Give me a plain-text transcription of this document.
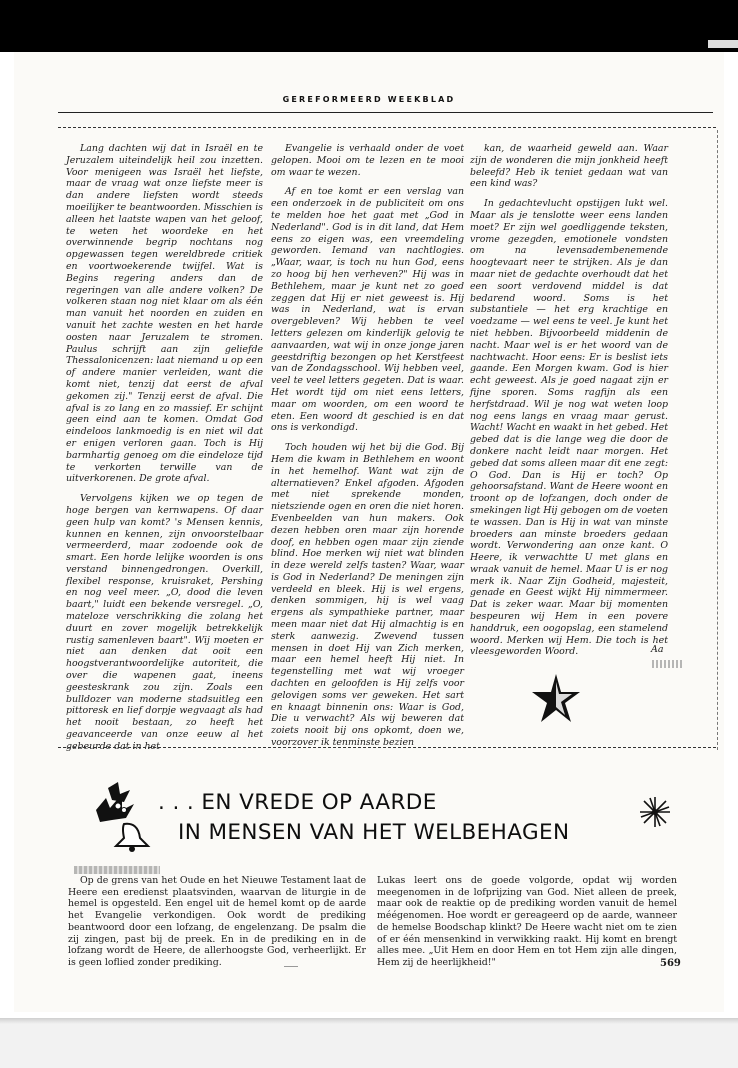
GEREFORMEERD WEEKBLAD

Lang dachten wij dat in Israël en te Jeruzalem uiteindelijk heil zou inzetten. Voor menigeen was Israël het liefste, maar de vraag wat onze liefste meer is dan andere liefsten wordt steeds moeilijker te beantwoorden. Misschien is alleen het laatste wapen van het geloof, te weten het woordeke en het overwinnende begrip nochtans nog opgewassen tegen wereldbrede critiek en voortwoekerende twijfel. Wat is Begins regering anders dan de regeringen van alle andere volken? De volkeren staan nog niet klaar om als één man vanuit het noorden en zuiden en vanuit het zachte westen en het harde oosten naar Jeruzalem te stromen. Paulus schrijft aan zijn geliefde Thessalonicenzen: laat niemand u op een of andere manier verleiden, want die komt niet, tenzij dat eerst de afval gekomen zij." Tenzij eerst de afval. Die afval is zo lang en zo massief. Er schijnt geen eind aan te komen. Omdat God eindeloos lankmoedig is en niet wil dat er enigen verloren gaan. Toch is Hij barmhartig genoeg om die eindeloze tijd te verkorten terwille van de uitverkorenen. De grote afval.

Vervolgens kijken we op tegen de hoge bergen van kernwapens. Of daar geen hulp van komt? 's Mensen kennis, kunnen en kennen, zijn onvoorstelbaar vermeerderd, maar zodoende ook de smart. Een horde lelijke woorden is ons verstand binnengedrongen. Overkill, flexibel response, kruisraket, Pershing en nog veel meer. „O, dood die leven baart," luidt een bekende versregel. „O, mateloze verschrikking die zolang het duurt en zover mogelijk betrekkelijk rustig samenleven baart". Wij moeten er niet aan denken dat ooit een hoogstverantwoordelijke autoriteit, die over die wapenen gaat, ineens geesteskrank zou zijn. Zoals een bulldozer van moderne stadsuitleg een pittoresk en lief dorpje wegvaagt als had het nooit bestaan, zo heeft het geavanceerde van onze eeuw al het gebeurde dat in het

Evangelie is verhaald onder de voet gelopen. Mooi om te lezen en te mooi om waar te wezen.

Af en toe komt er een verslag van een onderzoek in de publiciteit om ons te melden hoe het gaat met „God in Nederland". God is in dit land, dat Hem eens zo eigen was, een vreemdeling geworden. Iemand van nachtlogies. „Waar, waar, is toch nu hun God, eens zo hoog bij hen verheven?" Hij was in Bethlehem, maar je kunt net zo goed zeggen dat Hij er niet geweest is. Hij was in Nederland, wat is ervan overgebleven? Wij hebben te veel letters gelezen om kinderlijk gelovig te aanvaarden, wat wij in onze jonge jaren geestdriftig bezongen op het Kerstfeest van de Zondagsschool. Wij hebben veel, veel te veel letters gegeten. Dat is waar. Het wordt tijd om niet eens letters, maar om woorden, om een woord te eten. Een woord dt geschied is en dat ons is verkondigd.

Toch houden wij het bij die God. Bij Hem die kwam in Bethlehem en woont in het hemelhof. Want wat zijn de alternatieven? Enkel afgoden. Afgoden met niet sprekende monden, nietsziende ogen en oren die niet horen. Evenbeelden van hun makers. Ook dezen hebben oren maar zijn horende doof, en hebben ogen maar zijn ziende blind. Hoe merken wij niet wat blinden in deze wereld zelfs tasten? Waar, waar is God in Nederland? De meningen zijn verdeeld en bleek. Hij is wel ergens, denken sommigen, hij is wel vaag ergens als sympathieke partner, maar meen maar niet dat Hij almachtig is en sterk aanwezig. Zwevend tussen mensen in doet Hij van Zich merken, maar een hemel heeft Hij niet. In tegenstelling met wat wij vroeger dachten en geloofden is Hij zelfs voor gelovigen soms ver geweken. Het sart en knaagt binnenin ons: Waar is God, Die u verwacht? Als wij beweren dat zoiets nooit bij ons opkomt, doen we, voorzover ik tenminste bezien

kan, de waarheid geweld aan. Waar zijn de wonderen die mijn jonkheid heeft beleefd? Heb ik teniet gedaan wat van een kind was?

In gedachtevlucht opstijgen lukt wel. Maar als je tenslotte weer eens landen moet? Er zijn wel goedliggende teksten, vrome gezegden, emotionele vondsten om na levensadembenemende hoogtevaart neer te strijken. Als je dan maar niet de gedachte overhoudt dat het een soort verdovend middel is dat bedarend woord. Soms is het substantiele — het erg krachtige en voedzame — wel eens te veel. Je kunt het niet hebben. Bijvoorbeeld middenin de nacht. Maar wel is er het woord van de nachtwacht. Hoor eens: Er is beslist iets gaande. Een Morgen kwam. God is hier echt geweest. Als je goed nagaat zijn er fijne sporen. Soms ragfijn als een herfstdraad. Wil je nog wat weten loop nog eens langs en vraag maar gerust. Wacht! Wacht en waakt in het gebed. Het gebed dat is die lange weg die door de donkere nacht leidt naar morgen. Het gebed dat soms alleen maar dit ene zegt: O God. Dan is Hij er toch? Op gehoorsafstand. Want de Heere woont en troont op de lofzangen, doch onder de smekingen ligt Hij gebogen om de voeten te wassen. Dan is Hij in wat van minste broeders aan minste broeders gedaan wordt. Verwondering aan onze kant. O Heere, ik verwachtte U met glans en wraak vanuit de hemel. Maar U is er nog merk ik. Naar Zijn Godheid, majesteit, genade en Geest wijkt Hij nimmermeer. Dat is zeker waar. Maar bij momenten bespeuren wij Hem in een povere handdruk, een oogopslag, een stamelend woord. Merken wij Hem. Die toch is het vleesgeworden Woord.	Aa
. . . EN VREDE OP AARDE
IN MENSEN VAN HET WELBEHAGEN

Op de grens van het Oude en het Nieuwe Testament laat de Heere een eredienst plaatsvinden, waarvan de liturgie in de hemel is opgesteld. Een engel uit de hemel komt op de aarde het Evangelie verkondigen. Ook wordt de prediking beantwoord door een lofzang, de engelenzang. De psalm die zij zingen, past bij de preek. En in de prediking en in de lofzang wordt de Heere, de allerhoogste God, verheerlijkt. Er is geen loflied zonder prediking.

Lukas leert ons de goede volgorde, opdat wij worden meegenomen in de lofprijzing van God. Niet alleen de preek, maar ook de reaktie op de prediking worden vanuit de hemel méégenomen. Hoe wordt er gereageerd op de aarde, wanneer de hemelse Boodschap klinkt? De Heere wacht niet om te zien of er één mensenkind in verwikking raakt. Hij komt en brengt alles mee. „Uit Hem en door Hem en tot Hem zijn alle dingen, Hem zij de heerlijkheid!"	569
